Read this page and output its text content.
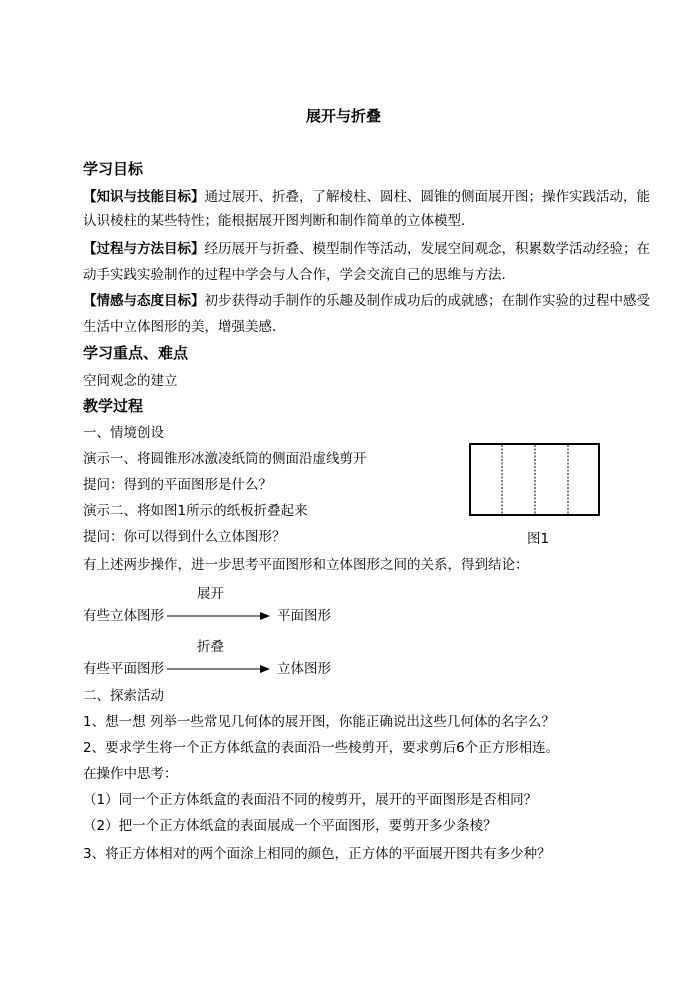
展开与折叠
学习目标
【知识与技能目标】通过展开、折叠，了解棱柱、圆柱、圆锥的侧面展开图；操作实践活动，能
认识棱柱的某些特性；能根据展开图判断和制作简单的立体模型．
【过程与方法目标】经历展开与折叠、模型制作等活动，发展空间观念，积累数学活动经验；在
动手实践实验制作的过程中学会与人合作，学会交流自己的思维与方法．
【情感与态度目标】初步获得动手制作的乐趣及制作成功后的成就感；在制作实验的过程中感受
生活中立体图形的美，增强美感．
学习重点、难点
空间观念的建立
教学过程
一、情境创设
演示一、将圆锥形冰激凌纸筒的侧面沿虚线剪开
提问：得到的平面图形是什么？
演示二、将如图1所示的纸板折叠起来
提问：你可以得到什么立体图形？	图1
有上述两步操作，进一步思考平面图形和立体图形之间的关系，得到结论：
展开
有些立体图形	平面图形
折叠
有些平面图形	立体图形
二、探索活动
1、想一想 列举一些常见几何体的展开图，你能正确说出这些几何体的名字么？
2、要求学生将一个正方体纸盒的表面沿一些棱剪开，要求剪后6个正方形相连。
在操作中思考：
（1）同一个正方体纸盒的表面沿不同的棱剪开，展开的平面图形是否相同？
（2）把一个正方体纸盒的表面展成一个平面图形，要剪开多少条棱？
3、将正方体相对的两个面涂上相同的颜色，正方体的平面展开图共有多少种？
